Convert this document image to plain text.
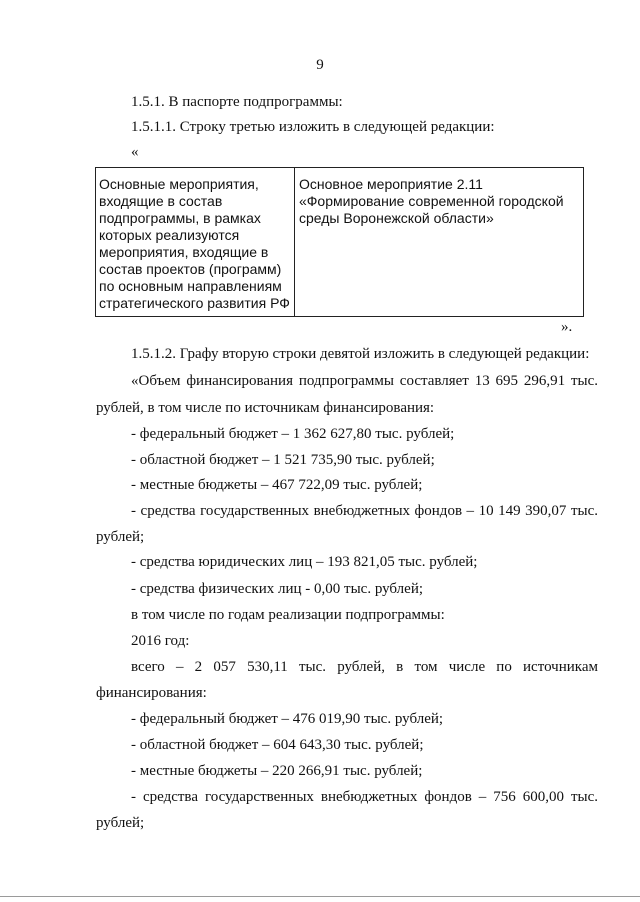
9
1.5.1. В паспорте подпрограммы:
1.5.1.1. Строку третью изложить в следующей редакции:
«
Основные мероприятия,
входящие в состав
подпрограммы, в рамках
которых реализуются
мероприятия, входящие в
состав проектов (программ)
по основным направлениям
стратегического развития РФ
Основное мероприятие 2.11
«Формирование современной городской
среды Воронежской области»
».
1.5.1.2. Графу вторую строки девятой изложить в следующей редакции:
«Объем финансирования подпрограммы составляет 13 695 296,91 тыс.
рублей, в том числе по источникам финансирования:
- федеральный бюджет – 1 362 627,80 тыс. рублей;
- областной бюджет – 1 521 735,90 тыс. рублей;
- местные бюджеты – 467 722,09 тыс. рублей;
- средства государственных внебюджетных фондов – 10 149 390,07 тыс.
рублей;
- средства юридических лиц – 193 821,05 тыс. рублей;
- средства физических лиц - 0,00 тыс. рублей;
в том числе по годам реализации подпрограммы:
2016 год:
всего – 2 057 530,11 тыс. рублей, в том числе по источникам
финансирования:
- федеральный бюджет – 476 019,90 тыс. рублей;
- областной бюджет – 604 643,30 тыс. рублей;
- местные бюджеты – 220 266,91 тыс. рублей;
- средства государственных внебюджетных фондов – 756 600,00 тыс.
рублей;
